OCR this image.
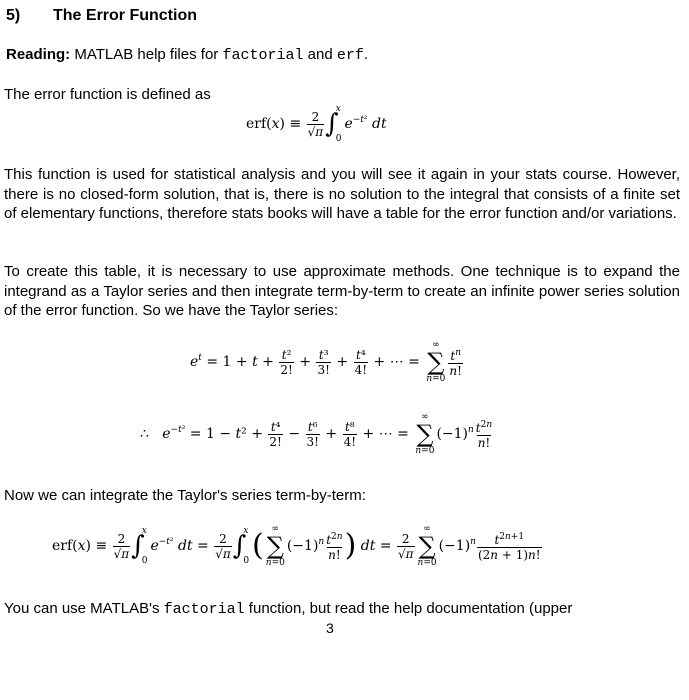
5) The Error Function
Reading: MATLAB help files for factorial and erf.
The error function is defined as
$erf(x) \equiv \frac{2}{√\pi}$ ∫
x
0
$e^{-t^2}$ dt
This function is used for statistical analysis and you will see it again in your stats course. However, there is no closed-form solution, that is, there is no solution to the integral that consists of a finite set of elementary functions, therefore stats books will have a table for the error function and/or variations.
To create this table, it is necessary to use approximate methods. One technique is to expand the integrand as a Taylor series and then integrate term-by-term to create an infinite power series solution of the error function. So we have the Taylor series:
$e^t = 1 + t + \frac{\text{t²}}{2!} + \frac{\text{t³}}{3!} + \frac{\text{t⁴}}{4!}$ + ⋯ =
∞
∑
n=0
$\frac{t^n}{n!}$
∴   $e^{-t^2} = 1 - t^2 + \frac{\text{t⁴}}{2!} - \frac{\text{t⁶}}{3!} + \frac{\text{t⁸}}{4!}$ + ⋯ =
∞
∑
n=0
$(-1)^n \frac{t^{2n}}{n!}$
Now we can integrate the Taylor's series term-by-term:
$erf(x) \equiv \frac{2}{√\pi}$ ∫
x
0
$e^{-t^2}$ dt = $\frac{2}{√\pi}$ ∫
x
0 ( ∞
∑
n=0
$(-1)^n \frac{t^{2n}}{n!}$ ) dt = $\frac{2}{√\pi}$
∞
∑
n=0
$(-1)^n \frac{t^{2n+1}}{(2n + 1)n!}$
You can use MATLAB's factorial function, but read the help documentation (upper
3
